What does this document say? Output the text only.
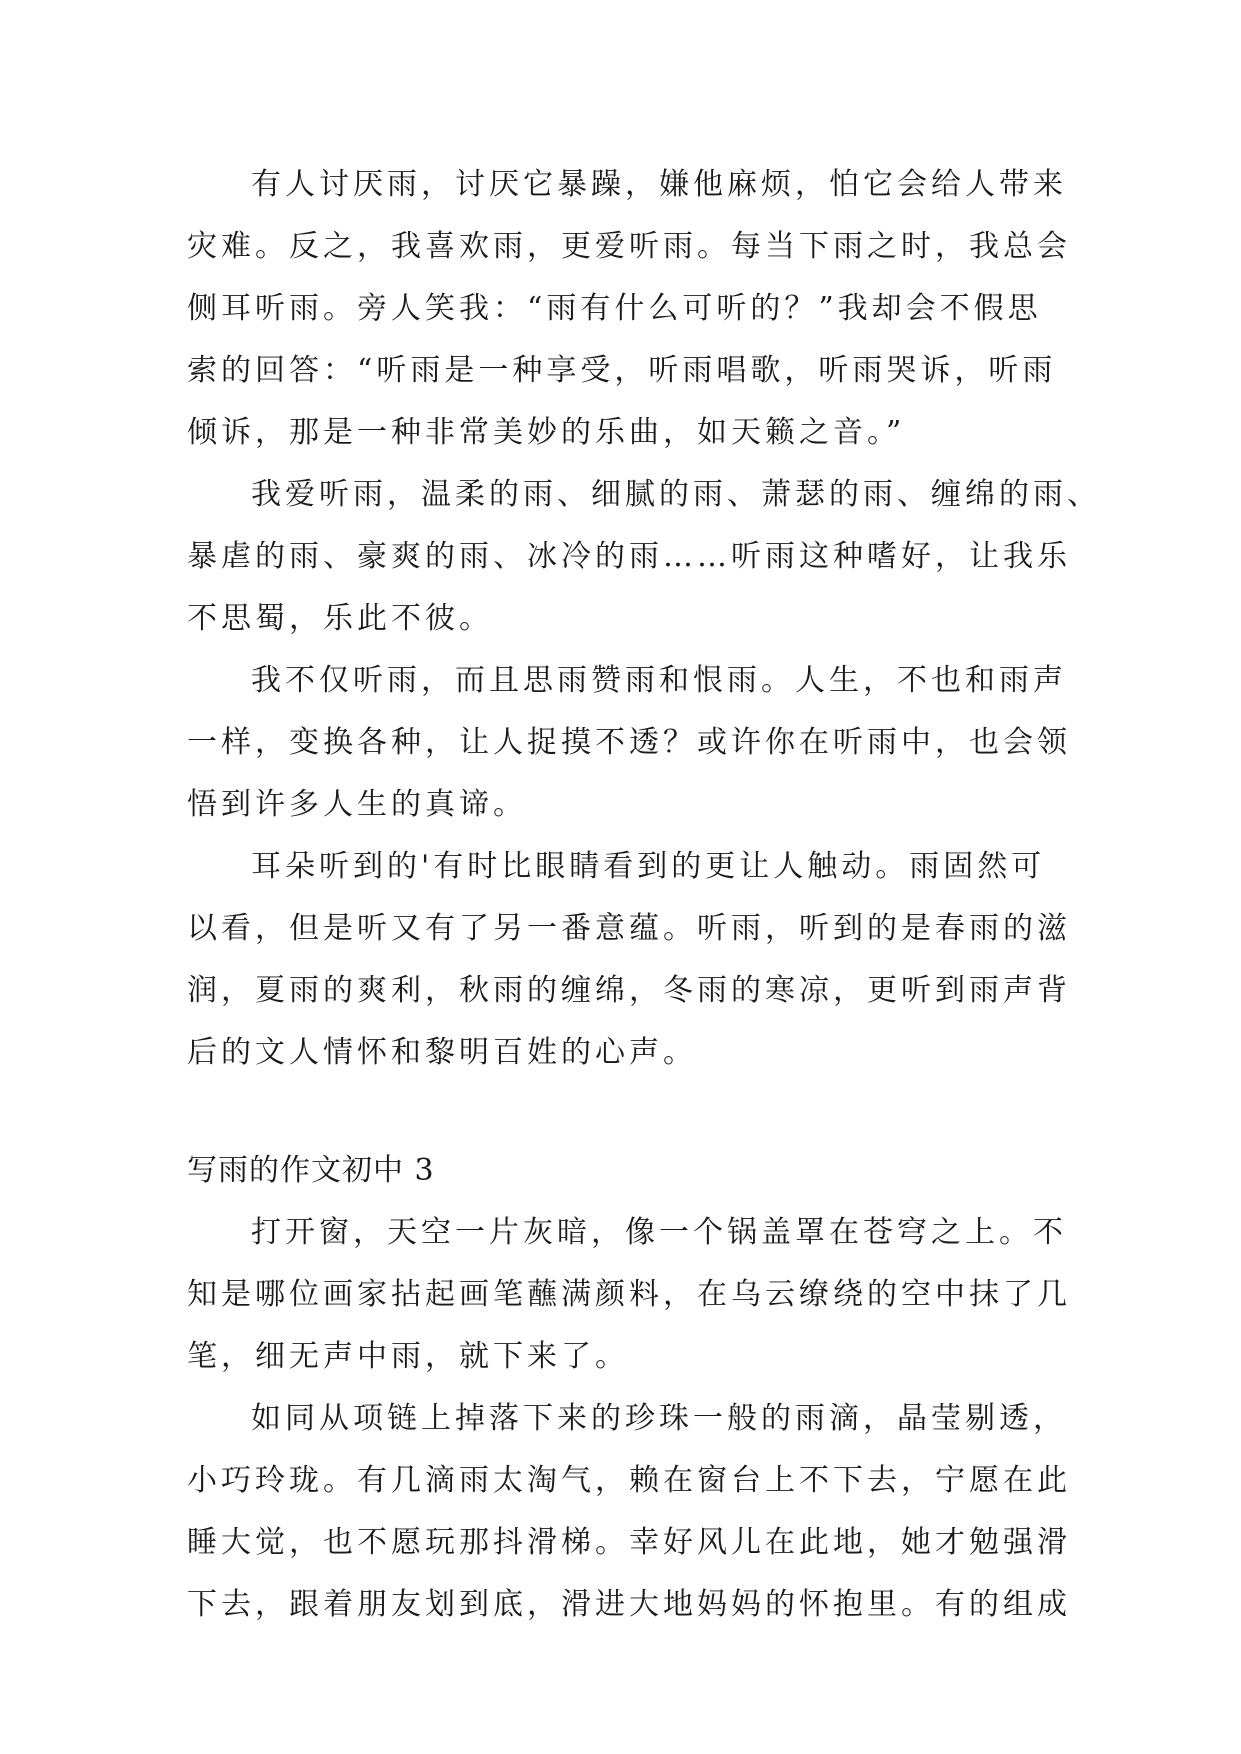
有人讨厌雨，讨厌它暴躁，嫌他麻烦，怕它会给人带来
灾难。反之，我喜欢雨，更爱听雨。每当下雨之时，我总会
侧耳听雨。旁人笑我：“雨有什么可听的？”我却会不假思
索的回答：“听雨是一种享受，听雨唱歌，听雨哭诉，听雨
倾诉，那是一种非常美妙的乐曲，如天籁之音。”
我爱听雨，温柔的雨、细腻的雨、萧瑟的雨、缠绵的雨、
暴虐的雨、豪爽的雨、冰冷的雨……听雨这种嗜好，让我乐
不思蜀，乐此不彼。
我不仅听雨，而且思雨赞雨和恨雨。人生，不也和雨声
一样，变换各种，让人捉摸不透？或许你在听雨中，也会领
悟到许多人生的真谛。
耳朵听到的'有时比眼睛看到的更让人触动。雨固然可
以看，但是听又有了另一番意蕴。听雨，听到的是春雨的滋
润，夏雨的爽利，秋雨的缠绵，冬雨的寒凉，更听到雨声背
后的文人情怀和黎明百姓的心声。
写雨的作文初中 3
打开窗，天空一片灰暗，像一个锅盖罩在苍穹之上。不
知是哪位画家拈起画笔蘸满颜料，在乌云缭绕的空中抹了几
笔，细无声中雨，就下来了。
如同从项链上掉落下来的珍珠一般的雨滴，晶莹剔透，
小巧玲珑。有几滴雨太淘气，赖在窗台上不下去，宁愿在此
睡大觉，也不愿玩那抖滑梯。幸好风儿在此地，她才勉强滑
下去，跟着朋友划到底，滑进大地妈妈的怀抱里。有的组成
